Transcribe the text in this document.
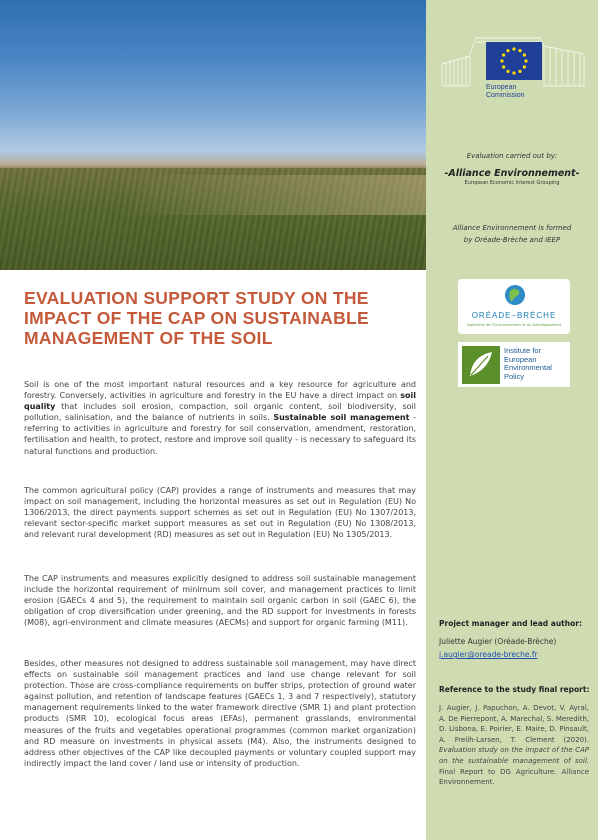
European
Commission
Evaluation carried out by:
-Alliance Environnement-
European Economic Interest Grouping
Alliance Environnement is formed
by Oréade-Brèche and IEEP
ORÉADE–BRÈCHE
Ingénierie de l'Environnement et du Développement
Institute for
European
Environmental
Policy
Project manager and lead author:
Juliette Augier (Oréade-Brèche)
j.augier@oreade-breche.fr
Reference to the study final report:
J. Augier, J. Papuchon, A. Devot, V. Ayral, A. De Pierrepont, A. Marechal, S. Meredith, D. Lisbona, E. Poirier, E. Maire, D. Pinsault, A. Frelih-Larsen, T. Clement (2020). Evaluation study on the impact of the CAP on the sustainable management of soil. Final Report to DG Agriculture. Alliance Environnement.
EVALUATION SUPPORT STUDY ON THE IMPACT OF THE CAP ON SUSTAINABLE MANAGEMENT OF THE SOIL

Soil is one of the most important natural resources and a key resource for agriculture and forestry. Conversely, activities in agriculture and forestry in the EU have a direct impact on soil quality that includes soil erosion, compaction, soil organic content, soil biodiversity, soil pollution, salinisation, and the balance of nutrients in soils. Sustainable soil management - referring to activities in agriculture and forestry for soil conservation, amendment, restoration, fertilisation and health, to protect, restore and improve soil quality - is necessary to safeguard its natural functions and production.

The common agricultural policy (CAP) provides a range of instruments and measures that may impact on soil management, including the horizontal measures as set out in Regulation (EU) No 1306/2013, the direct payments support schemes as set out in Regulation (EU) No 1307/2013, relevant sector-specific market support measures as set out in Regulation (EU) No 1308/2013, and relevant rural development (RD) measures as set out in Regulation (EU) No 1305/2013.

The CAP instruments and measures explicitly designed to address soil sustainable management include the horizontal requirement of minimum soil cover, and management practices to limit erosion (GAECs 4 and 5), the requirement to maintain soil organic carbon in soil (GAEC 6), the obligation of crop diversification under greening, and the RD support for investments in forests (M08), agri-environment and climate measures (AECMs) and support for organic farming (M11).

Besides, other measures not designed to address sustainable soil management, may have direct effects on sustainable soil management practices and land use change relevant for soil protection. Those are cross-compliance requirements on buffer strips, protection of ground water against pollution, and retention of landscape features (GAECs 1, 3 and 7 respectively), statutory management requirements linked to the water framework directive (SMR 1) and plant protection products (SMR 10), ecological focus areas (EFAs), permanent grasslands, environmental measures of the fruits and vegetables operational programmes (common market organization) and RD measure on investments in physical assets (M4). Also, the instruments designed to address other objectives of the CAP like decoupled payments or voluntary coupled support may indirectly impact the land cover / land use or intensity of production.
